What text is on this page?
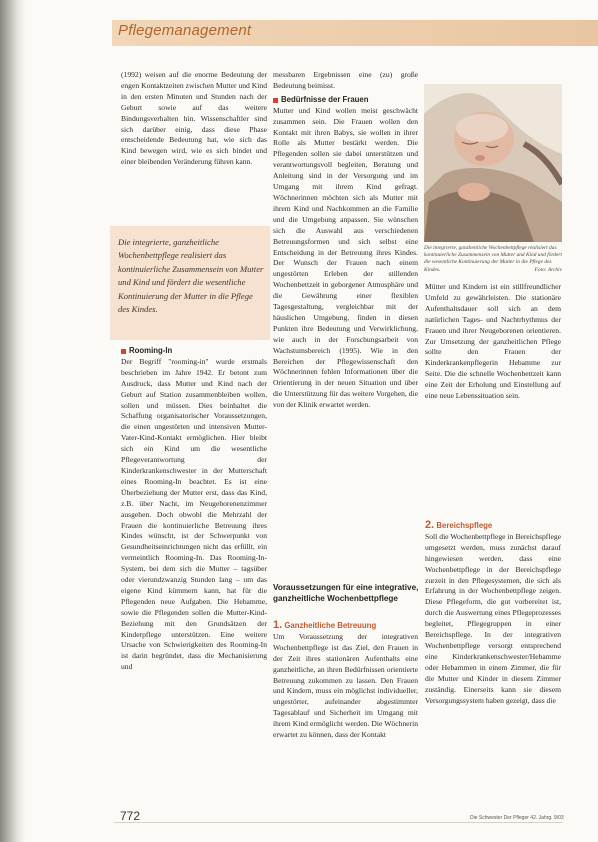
Pflegemanagement

(1992) weisen auf die enorme Bedeutung der engen Kontaktzeiten zwischen Mutter und Kind in den ersten Minuten und Stunden nach der Geburt sowie auf das weitere Bindungsverhalten hin. Wissenschaftler sind sich darüber einig, dass diese Phase entscheidende Bedeutung hat, wie sich das Kind bewegen wird, wie es sich bindet und einer bleibenden Veränderung führen kann.

Die integrierte, ganzheitliche Wochenbettpflege realisiert das kontinuierliche Zusammensein von Mutter und Kind und fördert die wesentliche Kontinuierung der Mutter in die Pflege des Kindes.

Rooming-In

Der Begriff "rooming-in" wurde erstmals beschrieben im Jahre 1942. Er betont zum Ausdruck, dass Mutter und Kind nach der Geburt auf Station zusammenbleiben wollen, sollen und müssen. Dies beinhaltet die Schaffung organisatorischer Voraussetzungen, die einen ungestörten und intensiven Mutter-Vater-Kind-Kontakt ermöglichen. Hier bleibt sich ein Kind um die wesentliche Pflegeverantwortung der Kinderkrankenschwester in der Mutterschaft eines Rooming-In beachtet. Es ist eine Überbeziehung der Mutter erst, dass das Kind, z.B. über Nacht, im Neugeborenenzimmer ausgehen. Doch obwohl die Mehrzahl der Frauen die kontinuierliche Betreuung ihres Kindes wünscht, ist der Schwerpunkt von Gesundheitseinrichtungen nicht das erfüllt, ein vermeintlich Rooming-In. Das Rooming-In-System, bei dem sich die Mutter – tagsüber oder vierundzwanzig Stunden lang – um das eigene Kind kümmern kann, hat für die Pflegenden neue Aufgaben. Die Hebamme, sowie die Pflegenden sollen die Mutter-Kind-Beziehung mit den Grundsätzen der Kinderpflege unterstützen. Eine weitere Ursache von Schwierigkeiten des Rooming-In ist darin begründet, dass die Mechanisierung und

messbaren Ergebnissen eine (zu) große Bedeutung beimisst.

Bedürfnisse der Frauen

Mutter und Kind wollen meist geschwächt zusammen sein. Die Frauen wollen den Kontakt mit ihren Babys, sie wollen in ihrer Rolle als Mutter bestärkt werden. Die Pflegenden sollen sie dabei unterstützen und verantwortungsvoll begleiten, Beratung und Anleitung sind in der Versorgung und im Umgang mit ihrem Kind gefragt. Wöchnerinnen möchten sich als Mutter mit ihrem Kind und Nachkommen an die Familie und die Umgebung anpassen. Sie wünschen sich die Auswahl aus verschiedenen Betreuungsformen und sich selbst eine Entscheidung in der Betreuung ihres Kindes. Der Wunsch der Frauen nach einem ungestörten Erleben der stillenden Wochenbettzeit in geborgener Atmosphäre und die Gewährung einer flexiblen Tagesgestaltung, vergleichbar mit der häuslichen Umgebung, finden in diesen Punkten ihre Bedeutung und Verwirklichung, wie auch in der Forschungsarbeit von Wachstumsbereich (1995). Wie in den Bereichen der Pflegewissenschaft den Wöchnerinnen fehlen Informationen über die Orientierung in der neuen Situation und über die Unterstützung für das weitere Vorgehen, die von der Klinik erwartet werden.

Voraussetzungen für eine integrative, ganzheitliche Wochenbettpflege

1. Ganzheitliche Betreuung

Um Voraussetzung der integrativen Wochenbettpflege ist das Ziel, den Frauen in der Zeit ihres stationären Aufenthalts eine ganzheitliche, an ihren Bedürfnissen orientierte Betreuung zukommen zu lassen. Den Frauen und Kindern, muss ein möglichst individueller, ungestörter, aufeinander abgestimmter Tagesablauf und Sicherheit im Umgang mit ihrem Kind ermöglicht werden. Die Wöchnerin erwartet zu können, dass der Kontakt

Die integrierte, ganzheitliche Wochenbettpflege realisiert das kontinuierliche Zusammensein von Mutter und Kind und fördert die wesentliche Kontinuierung der Mutter in die Pflege des Kindes.	Foto: Archiv

Mütter und Kindern ist ein stillfreundlicher Umfeld zu gewährleisten. Die stationäre Aufenthaltsdauer soll sich an dem natürlichen Tages- und Nachtrhythmus der Frauen und ihrer Neugeborenen orientieren. Zur Umsetzung der ganzheitlichen Pflege sollte den Frauen der Kinderkrankenpflegerin Hebamme zur Seite. Die die schnelle Wochenbettzeit kann eine Zeit der Erholung und Einstellung auf eine neue Lebenssituation sein.

2. Bereichspflege

Soll die Wochenbettpflege in Bereichspflege umgesetzt werden, muss zunächst darauf hingewiesen werden, dass eine Wochenbettpflege in der Bereichspflege zurzeit in den Pflegesystemen, die sich als Erfahrung in der Wochenbettpflege zeigen. Diese Pflegeform, die gut vorbereitet ist, durch die Auswertung eines Pflegeprozesses begleitet, Pflegegruppen in einer Bereichspflege. In der integrativen Wochenbettpflege versorgt entsprechend eine Kinderkrankenschwester/Hebamme oder Hebammen in einem Zimmer, die für die Mutter und Kinder in diesem Zimmer zuständig. Einerseits kann sie diesem Versorgungssystem haben gezeigt, dass die

772	Die Schwester Der Pfleger 42. Jahrg. 9/03
